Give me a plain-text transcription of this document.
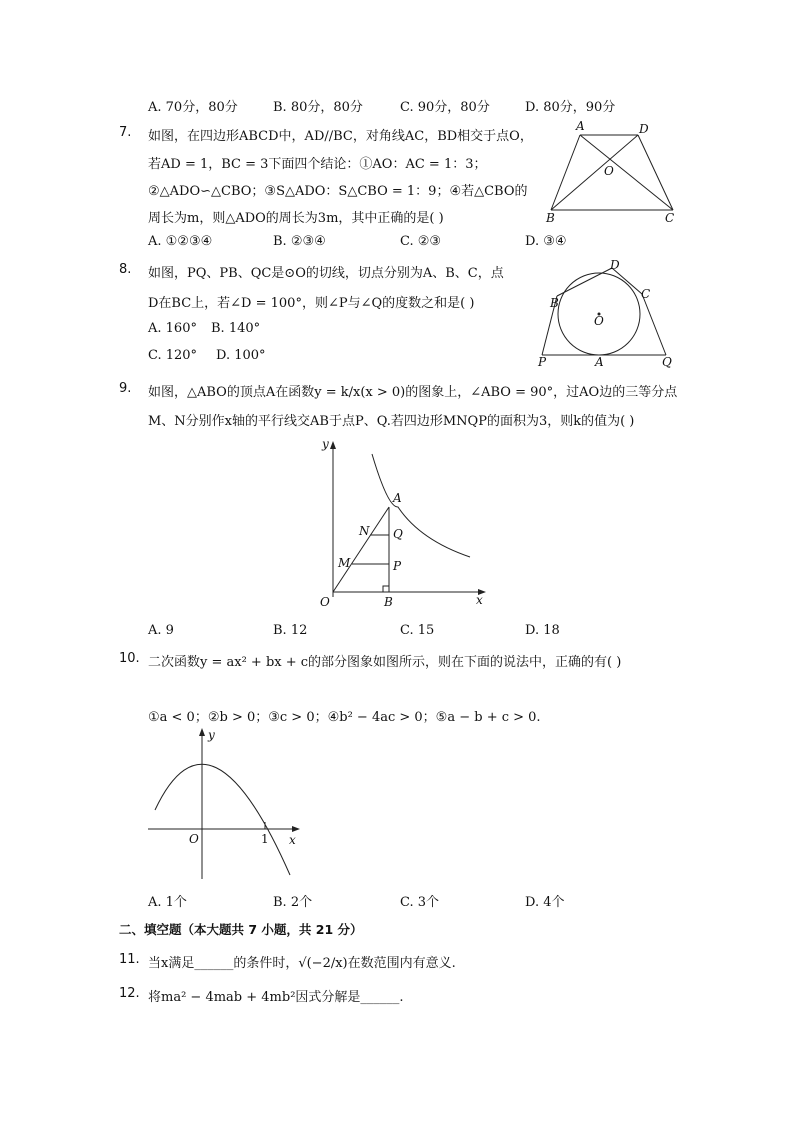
A. 70分，80分	B. 80分，80分	C. 90分，80分	D. 80分，90分
7. 如图，在四边形ABCD中，AD//BC，对角线AC，BD相交于点O，
若AD = 1，BC = 3下面四个结论：①AO：AC = 1：3；
②△ADO∽△CBO；③S△ADO：S△CBO = 1：9；④若△CBO的
周长为m，则△ADO的周长为3m，其中正确的是( )
A. ①②③④	B. ②③④	C. ②③	D. ③④
A	D
O
B	C
8. 如图，PQ、PB、QC是⊙O的切线，切点分别为A、B、C，点
D在BC上，若∠D = 100°，则∠P与∠Q的度数之和是( )
A. 160° B. 140°
C. 120° D. 100°
D
B
C
O
P	A	Q
9. 如图，△ABO的顶点A在函数y = k/x(x > 0)的图象上，∠ABO = 90°，过AO边的三等分点
M、N分别作x轴的平行线交AB于点P、Q.若四边形MNQP的面积为3，则k的值为( )
y
A
N Q
M	P
O	B	x
A. 9	B. 12	C. 15	D. 18
10. 二次函数y = ax² + bx + c的部分图象如图所示，则在下面的说法中，正确的有( )
①a < 0；②b > 0；③c > 0；④b² − 4ac > 0；⑤a − b + c > 0.
y
O	1 x
A. 1个	B. 2个	C. 3个	D. 4个
二、填空题（本大题共 7 小题，共 21 分）
11. 当x满足______的条件时，√(−2/x)在数范围内有意义.
12. 将ma² − 4mab + 4mb²因式分解是______.
